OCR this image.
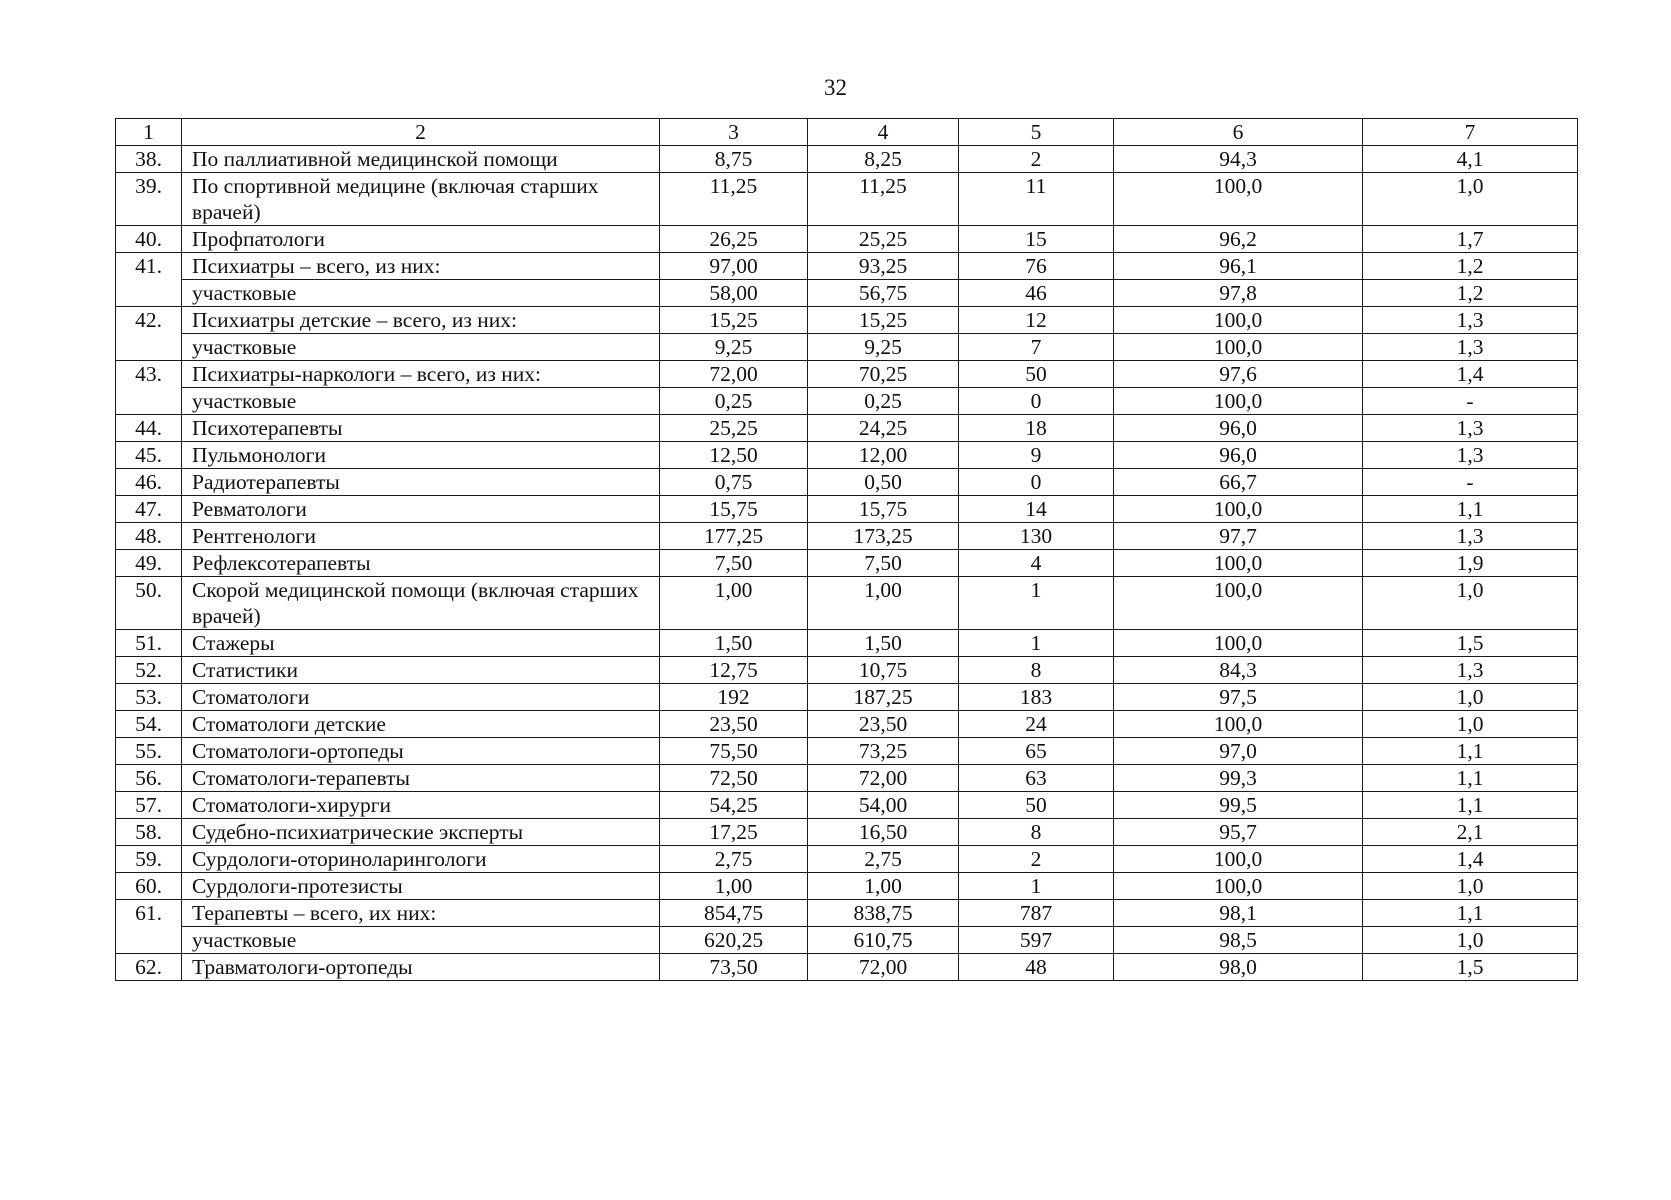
32
1	2	3	4	5	6	7
38.	По паллиативной медицинской помощи	8,75	8,25	2	94,3	4,1
39.	По спортивной медицине (включая старших врачей)	11,25	11,25	11	100,0	1,0
40.	Профпатологи	26,25	25,25	15	96,2	1,7
41.	Психиатры – всего, из них:	97,00	93,25	76	96,1	1,2
	участковые	58,00	56,75	46	97,8	1,2
42.	Психиатры детские – всего, из них:	15,25	15,25	12	100,0	1,3
	участковые	9,25	9,25	7	100,0	1,3
43.	Психиатры-наркологи – всего, из них:	72,00	70,25	50	97,6	1,4
	участковые	0,25	0,25	0	100,0	-
44.	Психотерапевты	25,25	24,25	18	96,0	1,3
45.	Пульмонологи	12,50	12,00	9	96,0	1,3
46.	Радиотерапевты	0,75	0,50	0	66,7	-
47.	Ревматологи	15,75	15,75	14	100,0	1,1
48.	Рентгенологи	177,25	173,25	130	97,7	1,3
49.	Рефлексотерапевты	7,50	7,50	4	100,0	1,9
50.	Скорой медицинской помощи (включая старших врачей)	1,00	1,00	1	100,0	1,0
51.	Стажеры	1,50	1,50	1	100,0	1,5
52.	Статистики	12,75	10,75	8	84,3	1,3
53.	Стоматологи	192	187,25	183	97,5	1,0
54.	Стоматологи детские	23,50	23,50	24	100,0	1,0
55.	Стоматологи-ортопеды	75,50	73,25	65	97,0	1,1
56.	Стоматологи-терапевты	72,50	72,00	63	99,3	1,1
57.	Стоматологи-хирурги	54,25	54,00	50	99,5	1,1
58.	Судебно-психиатрические эксперты	17,25	16,50	8	95,7	2,1
59.	Сурдологи-оториноларингологи	2,75	2,75	2	100,0	1,4
60.	Сурдологи-протезисты	1,00	1,00	1	100,0	1,0
61.	Терапевты – всего, их них:	854,75	838,75	787	98,1	1,1
	участковые	620,25	610,75	597	98,5	1,0
62.	Травматологи-ортопеды	73,50	72,00	48	98,0	1,5
